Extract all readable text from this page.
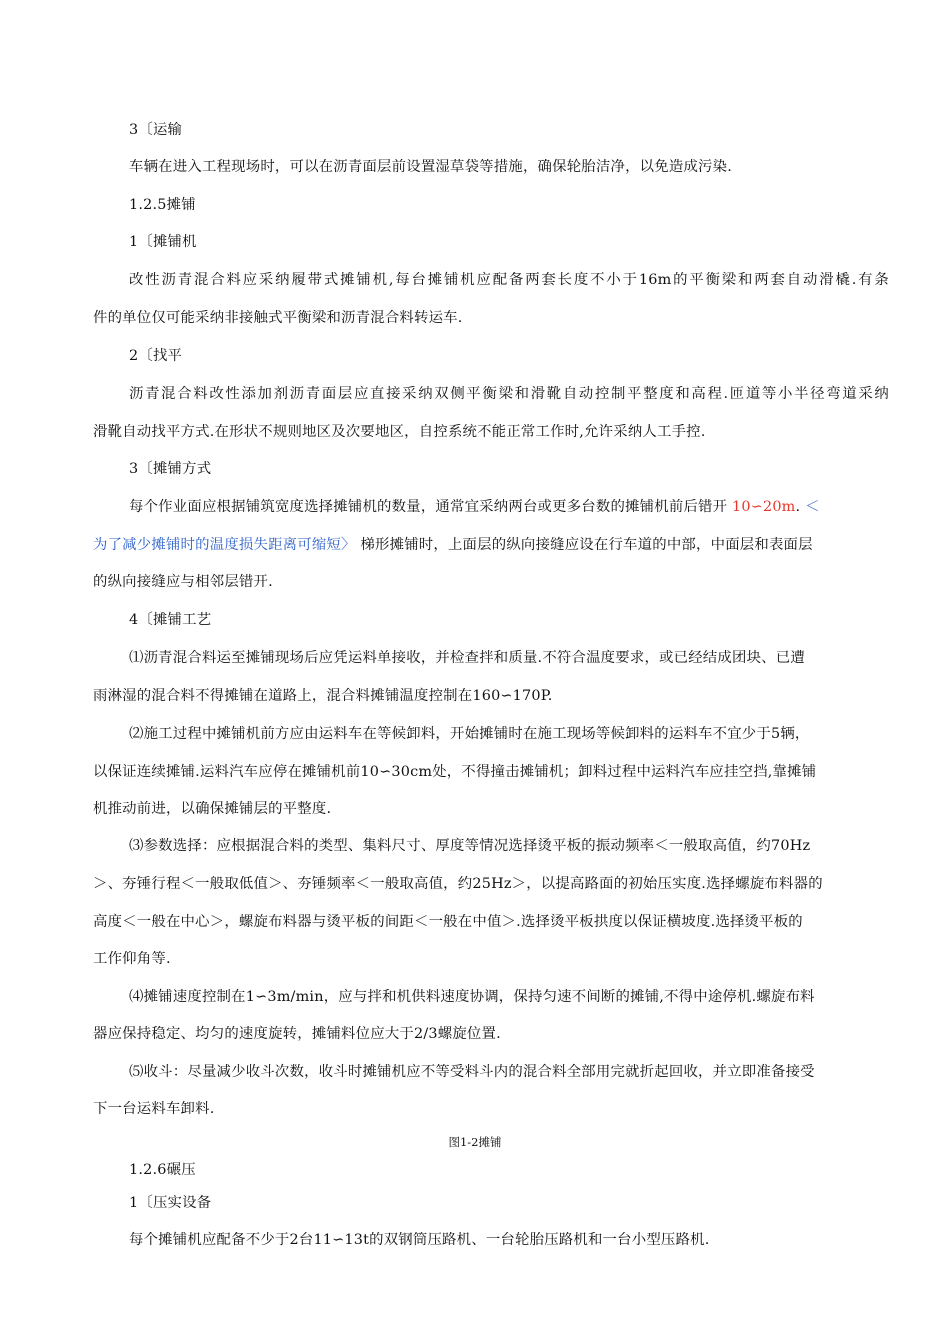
3〔运输

车辆在进入工程现场时，可以在沥青面层前设置湿草袋等措施，确保轮胎洁净，以免造成污染.

1.2.5摊铺

1〔摊铺机

改性沥青混合料应采纳履带式摊铺机,每台摊铺机应配备两套长度不小于16m的平衡梁和两套自动滑橇.有条

件的单位仅可能采纳非接触式平衡梁和沥青混合料转运车.

2〔找平

沥青混合料改性添加剂沥青面层应直接采纳双侧平衡梁和滑靴自动控制平整度和高程.匝道等小半径弯道采纳

滑靴自动找平方式.在形状不规则地区及次要地区，自控系统不能正常工作时,允许采纳人工手控.

3〔摊铺方式

每个作业面应根据铺筑宽度选择摊铺机的数量，通常宜采纳两台或更多台数的摊铺机前后错开 10∽20m. ＜

为了减少摊铺时的温度损失距离可缩短〉 梯形摊铺时，上面层的纵向接缝应设在行车道的中部，中面层和表面层

的纵向接缝应与相邻层错开.

4〔摊铺工艺

⑴沥青混合料运至摊铺现场后应凭运料单接收，并检查拌和质量.不符合温度要求，或已经结成团块、已遭

雨淋湿的混合料不得摊铺在道路上，混合料摊铺温度控制在160∽170P.

⑵施工过程中摊铺机前方应由运料车在等候卸料，开始摊铺时在施工现场等候卸料的运料车不宜少于5辆，

以保证连续摊铺.运料汽车应停在摊铺机前10∽30cm处，不得撞击摊铺机；卸料过程中运料汽车应挂空挡,靠摊铺

机推动前进，以确保摊铺层的平整度.

⑶参数选择：应根据混合料的类型、集料尺寸、厚度等情况选择烫平板的振动频率＜一般取高值，约70Hz

＞、夯锤行程＜一般取低值＞、夯锤频率＜一般取高值，约25Hz＞，以提高路面的初始压实度.选择螺旋布料器的

高度＜一般在中心＞，螺旋布料器与烫平板的间距＜一般在中值＞.选择烫平板拱度以保证横坡度.选择烫平板的

工作仰角等.

⑷摊铺速度控制在1∽3m/min，应与拌和机供料速度协调，保持匀速不间断的摊铺,不得中途停机.螺旋布料

器应保持稳定、均匀的速度旋转，摊铺料位应大于2/3螺旋位置.

⑸收斗：尽量减少收斗次数，收斗时摊铺机应不等受料斗内的混合料全部用完就折起回收，并立即准备接受

下一台运料车卸料.

图1-2摊铺

1.2.6碾压

1〔压实设备

每个摊铺机应配备不少于2台11∽13t的双钢筒压路机、一台轮胎压路机和一台小型压路机.
